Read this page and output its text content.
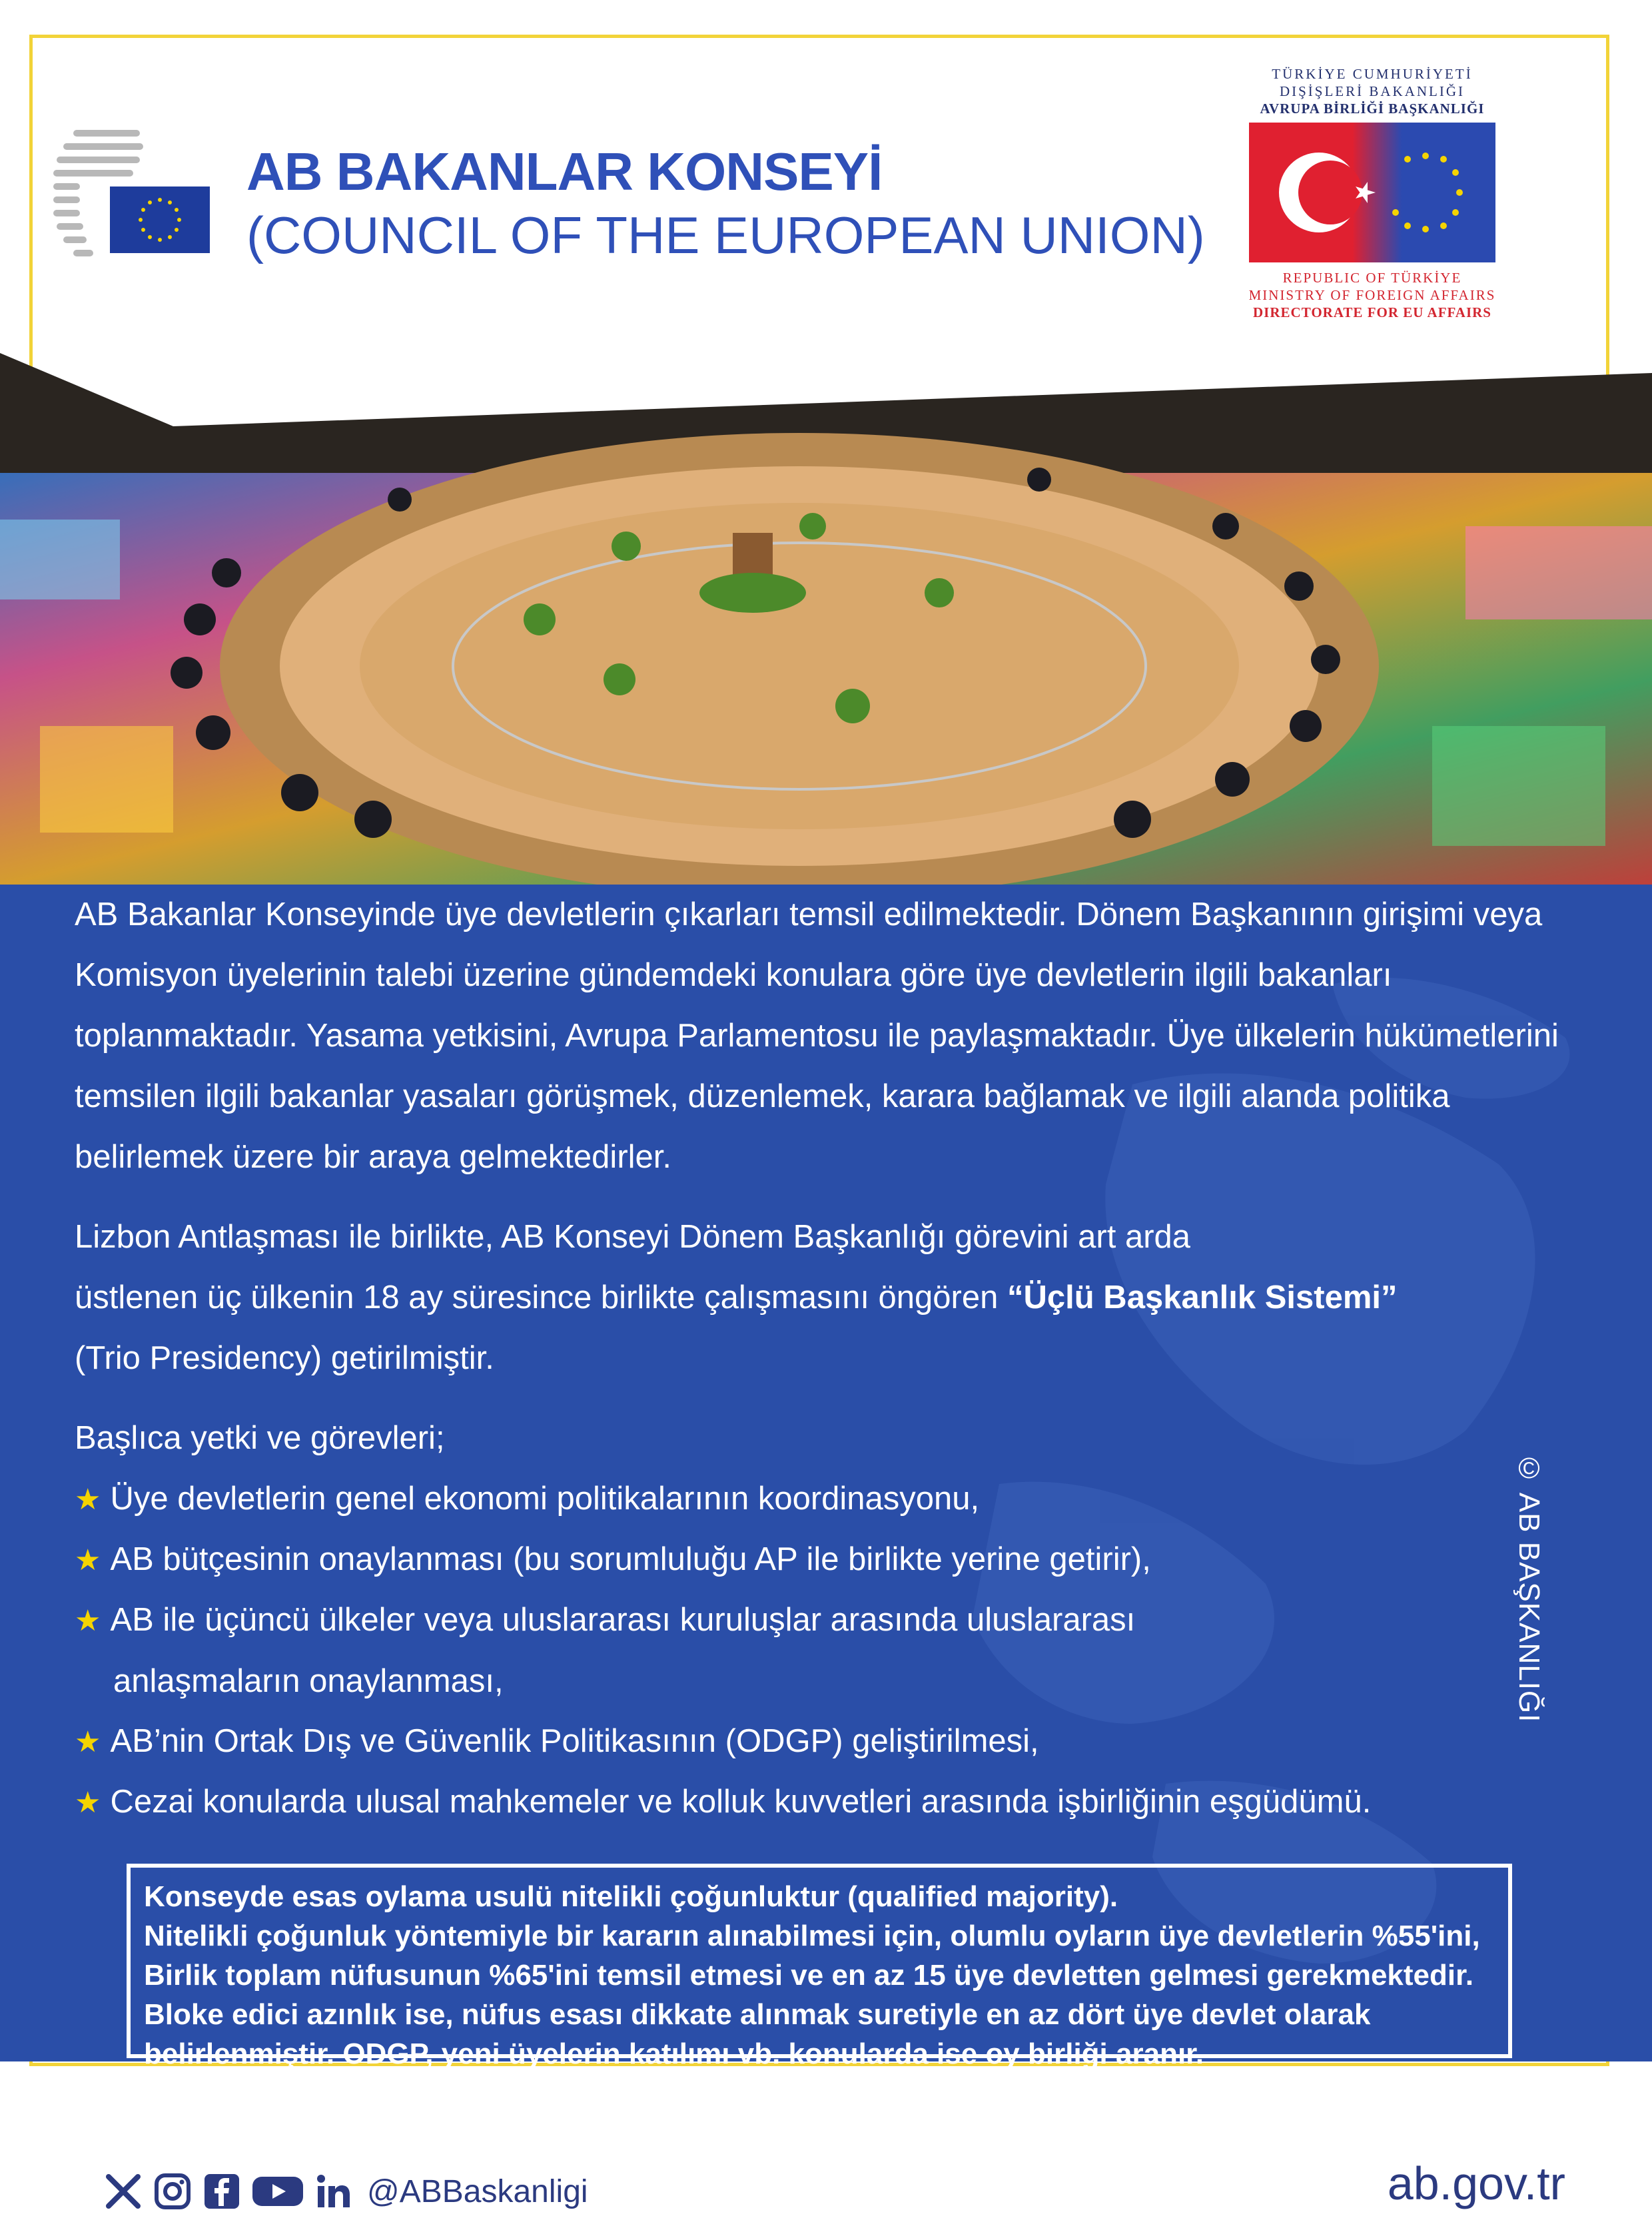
AB BAKANLAR KONSEYİ
(COUNCIL OF THE EUROPEAN UNION)
TÜRKİYE CUMHURİYETİ
DIŞİŞLERİ BAKANLIĞI
AVRUPA BİRLİĞİ BAŞKANLIĞI
REPUBLIC OF TÜRKİYE
MINISTRY OF FOREIGN AFFAIRS
DIRECTORATE FOR EU AFFAIRS

AB Bakanlar Konseyinde üye devletlerin çıkarları temsil edilmektedir. Dönem Başkanının girişimi veya Komisyon üyelerinin talebi üzerine gündemdeki konulara göre üye devletlerin ilgili bakanları toplanmaktadır. Yasama yetkisini, Avrupa Parlamentosu ile paylaşmaktadır. Üye ülkelerin hükümetlerini temsilen ilgili bakanlar yasaları görüşmek, düzenlemek, karara bağlamak ve ilgili alanda politika belirlemek üzere bir araya gelmektedirler.

Lizbon Antlaşması ile birlikte, AB Konseyi Dönem Başkanlığı görevini art arda
üstlenen üç ülkenin 18 ay süresince birlikte çalışmasını öngören “Üçlü Başkanlık Sistemi”
(Trio Presidency) getirilmiştir.
Başlıca yetki ve görevleri;
★ Üye devletlerin genel ekonomi politikalarının koordinasyonu,
★ AB bütçesinin onaylanması (bu sorumluluğu AP ile birlikte yerine getirir),
★ AB ile üçüncü ülkeler veya uluslararası kuruluşlar arasında uluslararası
anlaşmaların onaylanması,
★ AB’nin Ortak Dış ve Güvenlik Politikasının (ODGP) geliştirilmesi,
★ Cezai konularda ulusal mahkemeler ve kolluk kuvvetleri arasında işbirliğinin eşgüdümü.
© AB BAŞKANLIĞI

Konseyde esas oylama usulü nitelikli çoğunluktur (qualified majority).

Nitelikli çoğunluk yöntemiyle bir kararın alınabilmesi için, olumlu oyların üye devletlerin %55'ini, Birlik toplam nüfusunun %65'ini temsil etmesi ve en az 15 üye devletten gelmesi gerekmektedir. Bloke edici azınlık ise, nüfus esası dikkate alınmak suretiyle en az dört üye devlet olarak belirlenmiştir. ODGP, yeni üyelerin katılımı vb. konularda ise oy birliği aranır.

@ABBaskanligi	ab.gov.tr
